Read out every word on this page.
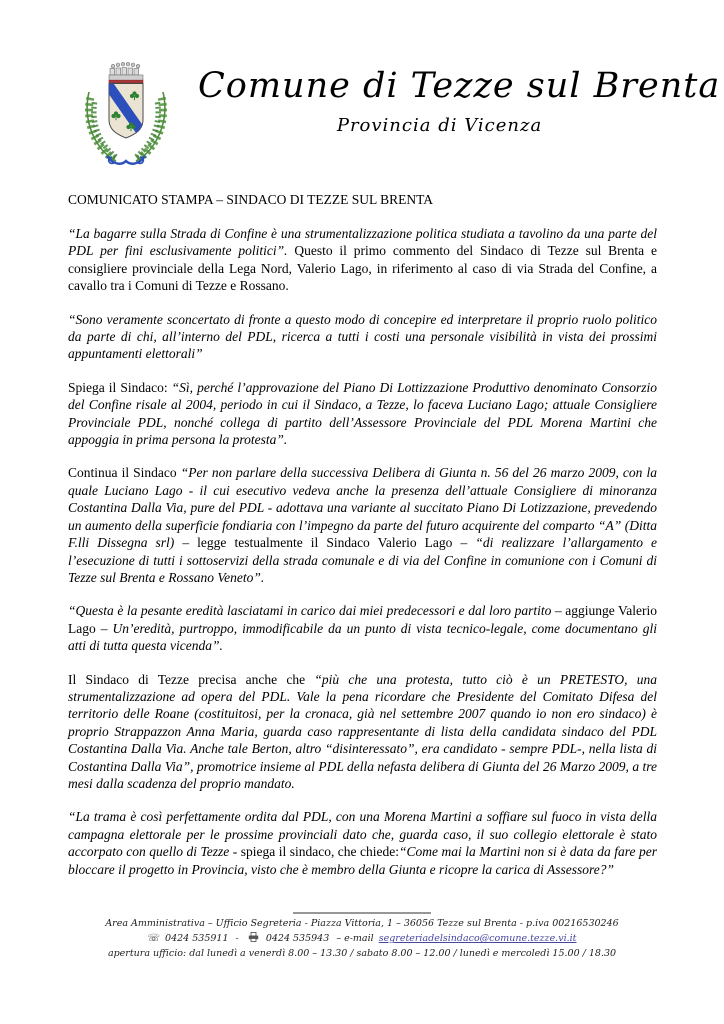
Comune di Tezze sul Brenta
Provincia di Vicenza

COMUNICATO STAMPA – SINDACO DI TEZZE SUL BRENTA

“La bagarre sulla Strada di Confine è una strumentalizzazione politica studiata a tavolino da una parte del PDL per fini esclusivamente politici”. Questo il primo commento del Sindaco di Tezze sul Brenta e consigliere provinciale della Lega Nord, Valerio Lago, in riferimento al caso di via Strada del Confine, a cavallo tra i Comuni di Tezze e Rossano.

“Sono veramente sconcertato di fronte a questo modo di concepire ed interpretare il proprio ruolo politico da parte di chi, all’interno del PDL, ricerca a tutti i costi una personale visibilità in vista dei prossimi appuntamenti elettorali”

Spiega il Sindaco: “Sì, perché l’approvazione del Piano Di Lottizzazione Produttivo denominato Consorzio del Confine risale al 2004, periodo in cui il Sindaco, a Tezze, lo faceva Luciano Lago; attuale Consigliere Provinciale PDL, nonché collega di partito dell’Assessore Provinciale del PDL Morena Martini che appoggia in prima persona la protesta”.

Continua il Sindaco “Per non parlare della successiva Delibera di Giunta n. 56 del 26 marzo 2009, con la quale Luciano Lago - il cui esecutivo vedeva anche la presenza dell’attuale Consigliere di minoranza Costantina Dalla Via, pure del PDL - adottava una variante al succitato Piano Di Lotizzazione, prevedendo un aumento della superficie fondiaria con l’impegno da parte del futuro acquirente del comparto “A” (Ditta F.lli Dissegna srl) – legge testualmente il Sindaco Valerio Lago – “di realizzare l’allargamento e l’esecuzione di tutti i sottoservizi della strada comunale e di via del Confine in comunione con i Comuni di Tezze sul Brenta e Rossano Veneto”.

“Questa è la pesante eredità lasciatami in carico dai miei predecessori e dal loro partito – aggiunge Valerio Lago – Un’eredità, purtroppo, immodificabile da un punto di vista tecnico-legale, come documentano gli atti di tutta questa vicenda”.

Il Sindaco di Tezze precisa anche che “più che una protesta, tutto ciò è un PRETESTO, una strumentalizzazione ad opera del PDL. Vale la pena ricordare che Presidente del Comitato Difesa del territorio delle Roane (costituitosi, per la cronaca, già nel settembre 2007 quando io non ero sindaco) è proprio Strappazzon Anna Maria, guarda caso rappresentante di lista della candidata sindaco del PDL Costantina Dalla Via. Anche tale Berton, altro “disinteressato”, era candidato - sempre PDL-, nella lista di Costantina Dalla Via”, promotrice insieme al PDL della nefasta delibera di Giunta del 26 Marzo 2009, a tre mesi dalla scadenza del proprio mandato.

“La trama è così perfettamente ordita dal PDL, con una Morena Martini a soffiare sul fuoco in vista della campagna elettorale per le prossime provinciali dato che, guarda caso, il suo collegio elettorale è stato accorpato con quello di Tezze - spiega il sindaco, che chiede:“Come mai la Martini non si è data da fare per bloccare il progetto in Provincia, visto che è membro della Giunta e ricopre la carica di Assessore?”

Area Amministrativa – Ufficio Segreteria - Piazza Vittoria, 1 – 36056 Tezze sul Brenta - p.iva 00216530246
☏ 0424 535911 -	0424 535943 – e-mail segreteriadelsindaco@comune.tezze.vi.it
apertura ufficio: dal lunedì a venerdì 8.00 – 13.30 / sabato 8.00 – 12.00 / lunedì e mercoledì 15.00 / 18.30
